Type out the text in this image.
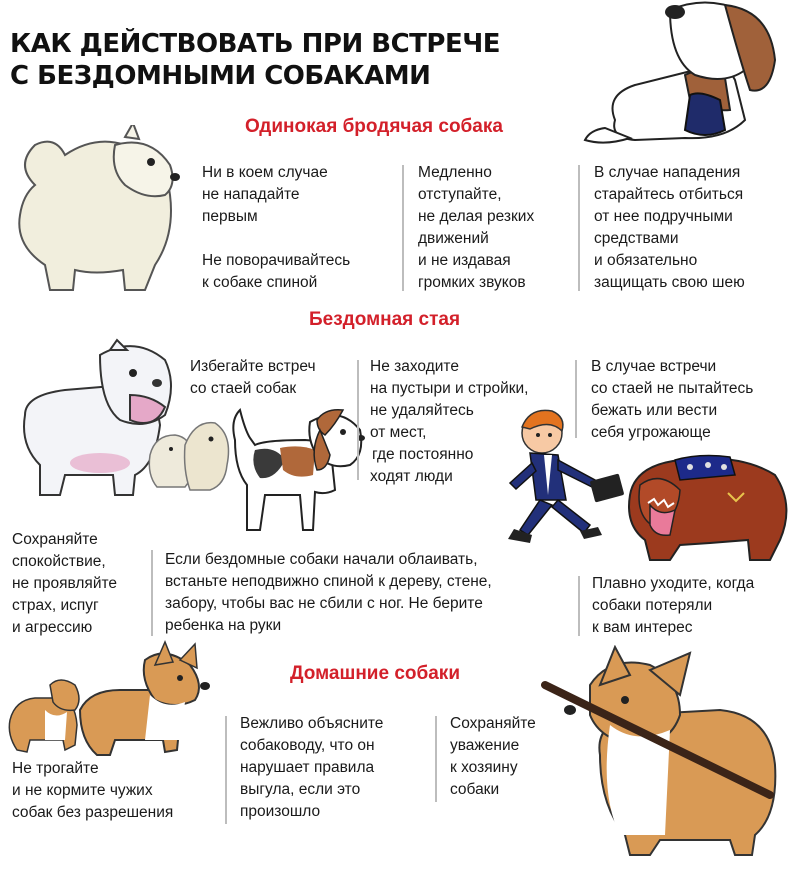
КАК ДЕЙСТВОВАТЬ ПРИ ВСТРЕЧЕ
С БЕЗДОМНЫМИ СОБАКАМИ
Одинокая бродячая собака
Ни в коем случае
не нападайте
первым
Не поворачивайтесь
к собаке спиной
Медленно
отступайте,
не делая резких
движений
и не издавая
громких звуков
В случае нападения
старайтесь отбиться
от нее подручными
средствами
и обязательно
защищать свою шею
Бездомная стая
Избегайте встреч
со стаей собак
Не заходите
на пустыри и стройки,
не удаляйтесь
от мест,
где постоянно
ходят люди
В случае встречи
со стаей не пытайтесь
бежать или вести
себя угрожающе
Сохраняйте
спокойствие,
не проявляйте
страх, испуг
и агрессию
Если бездомные собаки начали облаивать,
встаньте неподвижно спиной к дереву, стене,
забору, чтобы вас не сбили с ног. Не берите
ребенка на руки
Плавно уходите, когда
собаки потеряли
к вам интерес
Домашние собаки
Не трогайте
и не кормите чужих
собак без разрешения
Вежливо объясните
собаководу, что он
нарушает правила
выгула, если это
произошло
Сохраняйте
уважение
к хозяину
собаки
